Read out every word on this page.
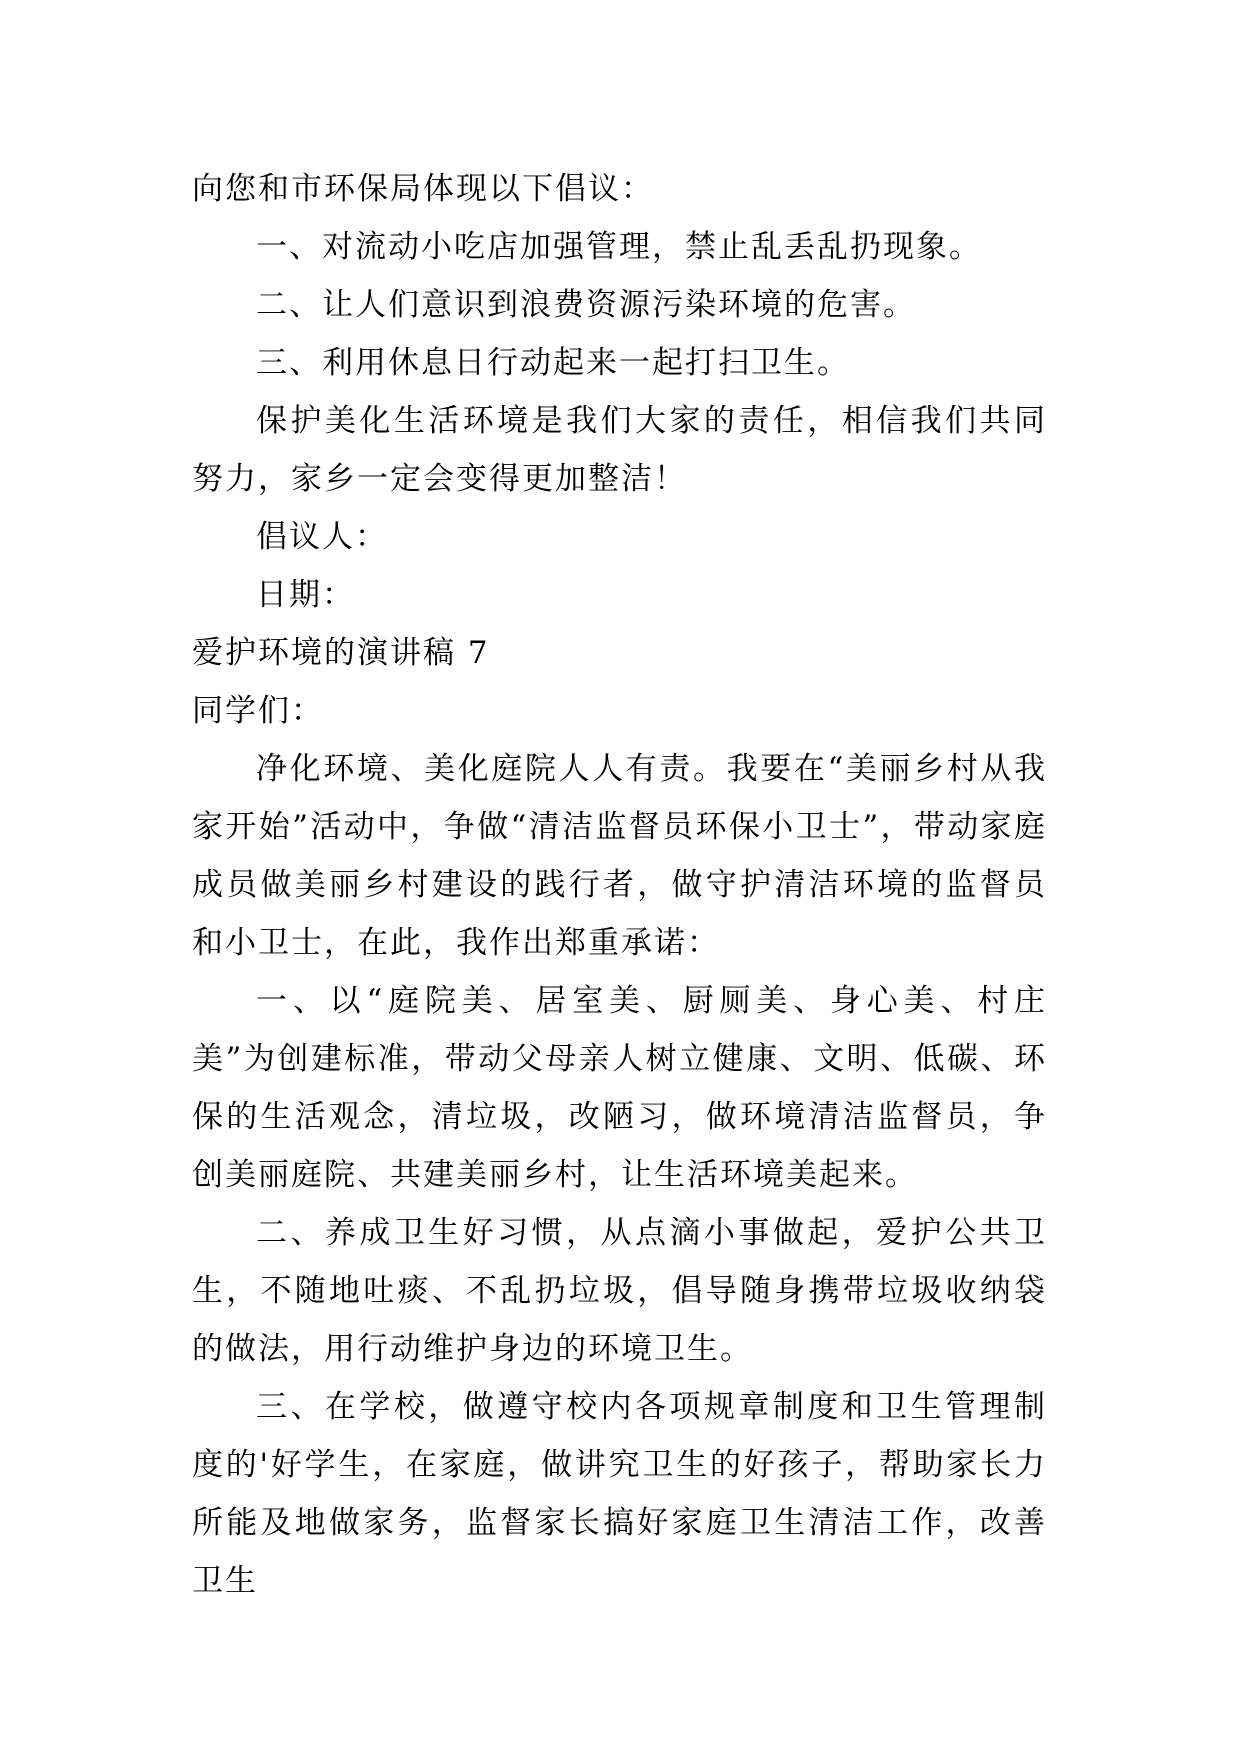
向您和市环保局体现以下倡议：

一、对流动小吃店加强管理，禁止乱丢乱扔现象。

二、让人们意识到浪费资源污染环境的危害。

三、利用休息日行动起来一起打扫卫生。

保护美化生活环境是我们大家的责任，相信我们共同努力，家乡一定会变得更加整洁！

倡议人：

日期：

爱护环境的演讲稿 7

同学们：

净化环境、美化庭院人人有责。我要在“美丽乡村从我家开始”活动中，争做“清洁监督员环保小卫士”，带动家庭成员做美丽乡村建设的践行者，做守护清洁环境的监督员和小卫士，在此，我作出郑重承诺：

一、以“庭院美、居室美、厨厕美、身心美、村庄美”为创建标准，带动父母亲人树立健康、文明、低碳、环保的生活观念，清垃圾，改陋习，做环境清洁监督员，争创美丽庭院、共建美丽乡村，让生活环境美起来。

二、养成卫生好习惯，从点滴小事做起，爱护公共卫生，不随地吐痰、不乱扔垃圾，倡导随身携带垃圾收纳袋的做法，用行动维护身边的环境卫生。

三、在学校，做遵守校内各项规章制度和卫生管理制度的'好学生，在家庭，做讲究卫生的好孩子，帮助家长力所能及地做家务，监督家长搞好家庭卫生清洁工作，改善卫生
